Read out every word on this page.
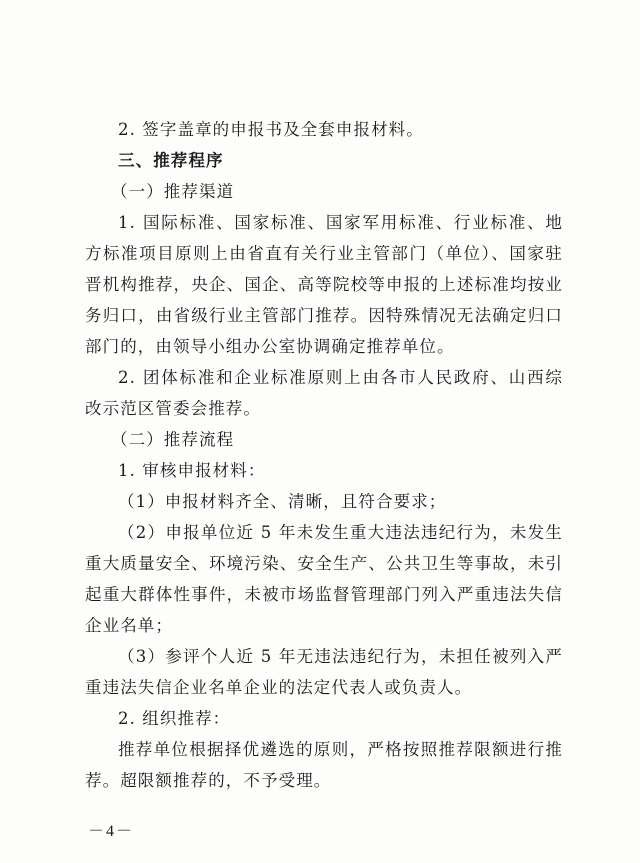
2. 签字盖章的申报书及全套申报材料。

三、推荐程序

（一）推荐渠道

1. 国际标准、国家标准、国家军用标准、行业标准、地方标准项目原则上由省直有关行业主管部门（单位）、国家驻晋机构推荐，央企、国企、高等院校等申报的上述标准均按业务归口，由省级行业主管部门推荐。因特殊情况无法确定归口部门的，由领导小组办公室协调确定推荐单位。

2. 团体标准和企业标准原则上由各市人民政府、山西综改示范区管委会推荐。

（二）推荐流程

1. 审核申报材料：

（1）申报材料齐全、清晰，且符合要求；

（2）申报单位近 5 年未发生重大违法违纪行为，未发生重大质量安全、环境污染、安全生产、公共卫生等事故，未引起重大群体性事件，未被市场监督管理部门列入严重违法失信企业名单；

（3）参评个人近 5 年无违法违纪行为，未担任被列入严重违法失信企业名单企业的法定代表人或负责人。

2. 组织推荐：

推荐单位根据择优遴选的原则，严格按照推荐限额进行推荐。超限额推荐的，不予受理。

－4－
